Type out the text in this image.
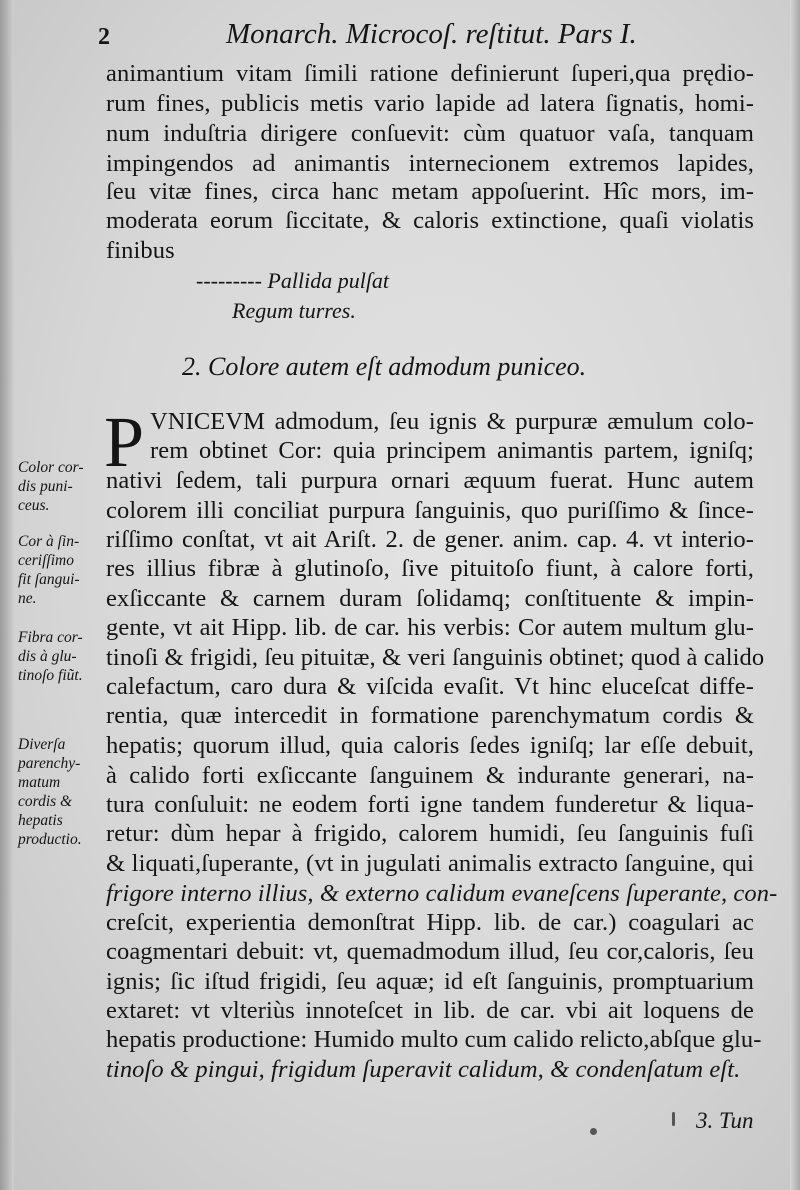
2	Monarch. Microcoſ. reſtitut. Pars I.
animantium vitam ſimili ratione definierunt ſuperi,qua prędio-
rum fines, publicis metis vario lapide ad latera ſignatis, homi-
num induſtria dirigere conſuevit: cùm quatuor vaſa, tanquam
impingendos ad animantis internecionem extremos lapides,
ſeu vitæ fines, circa hanc metam appoſuerint. Hîc mors, im-
moderata eorum ſiccitate, & caloris extinctione, quaſi violatis
finibus
--------- Pallida pulſat
Regum turres.
2. Colore autem eſt admodum puniceo.
P VNICEVM admodum, ſeu ignis & purpuræ æmulum colo-
rem obtinet Cor: quia principem animantis partem, igniſq;
nativi ſedem, tali purpura ornari æquum fuerat. Hunc autem
colorem illi conciliat purpura ſanguinis, quo puriſſimo & ſince-
riſſimo conſtat, vt ait Ariſt. 2. de gener. anim. cap. 4. vt interio-
res illius fibræ à glutinoſo, ſive pituitoſo fiunt, à calore forti,
exſiccante & carnem duram ſolidamq; conſtituente & impin-
gente, vt ait Hipp. lib. de car. his verbis: Cor autem multum glu-
tinoſi & frigidi, ſeu pituitæ, & veri ſanguinis obtinet; quod à calido
calefactum, caro dura & viſcida evaſit. Vt hinc eluceſcat diffe-
rentia, quæ intercedit in formatione parenchymatum cordis &
hepatis; quorum illud, quia caloris ſedes igniſq; lar eſſe debuit,
à calido forti exſiccante ſanguinem & indurante generari, na-
tura conſuluit: ne eodem forti igne tandem funderetur & liqua-
retur: dùm hepar à frigido, calorem humidi, ſeu ſanguinis fuſi
& liquati,ſuperante, (vt in jugulati animalis extracto ſanguine, qui
frigore interno illius, & externo calidum evaneſcens ſuperante, con-
creſcit, experientia demonſtrat Hipp. lib. de car.) coagulari ac
coagmentari debuit: vt, quemadmodum illud, ſeu cor,caloris, ſeu
ignis; ſic iſtud frigidi, ſeu aquæ; id eſt ſanguinis, promptuarium
extaret: vt vlteriùs innoteſcet in lib. de car. vbi ait loquens de
hepatis productione: Humido multo cum calido relicto,abſque glu-
tinoſo & pingui, frigidum ſuperavit calidum, & condenſatum eſt.
Color cor-
dis puni-
ceus.
Cor à ſin-
ceriſſimo
fit ſangui-
ne.
Fibra cor-
dis à glu-
tinoſo fiũt.
Diverſa
parenchy-
matum
cordis &
hepatis
productio.
3. Tun
